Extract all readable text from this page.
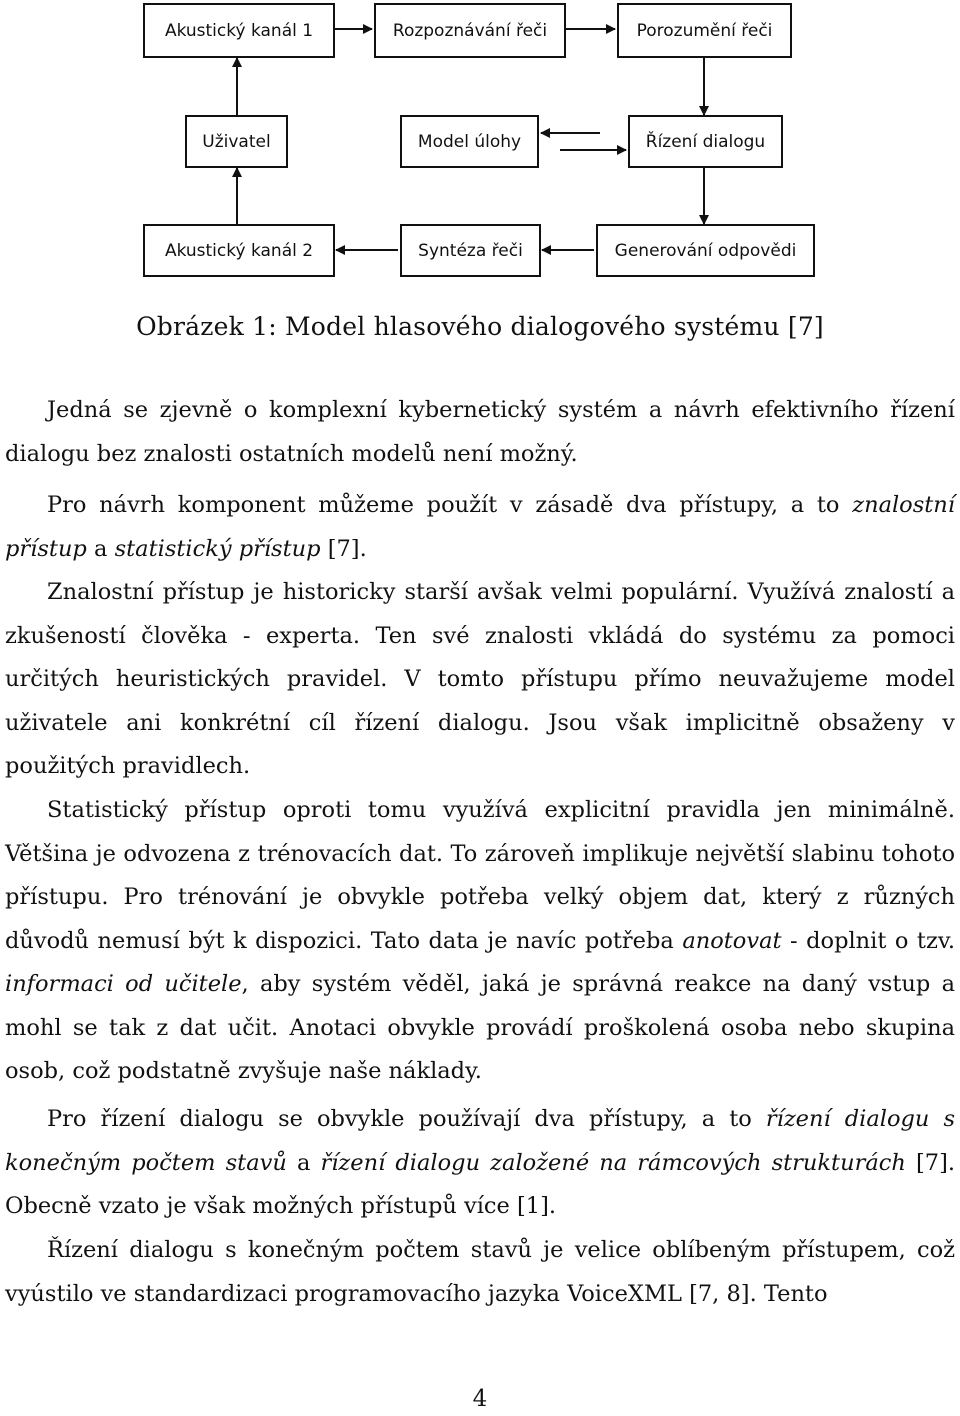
Akustický kanál 1	Rozpoznávání řeči	Porozumění řeči
Uživatel	Model úlohy	Řízení dialogu
Akustický kanál 2	Syntéza řeči	Generování odpovědi
Obrázek 1: Model hlasového dialogového systému [7]

Jedná se zjevně o komplexní kybernetický systém a návrh efektivního řízení dialogu bez znalosti ostatních modelů není možný.

Pro návrh komponent můžeme použít v zásadě dva přístupy, a to znalostní přístup a statistický přístup [7].

Znalostní přístup je historicky starší avšak velmi populární. Využívá znalostí a zkušeností člověka - experta. Ten své znalosti vkládá do systému za pomoci určitých heuristických pravidel. V tomto přístupu přímo neuvažujeme model uživatele ani konkrétní cíl řízení dialogu. Jsou však implicitně obsaženy v použitých pravidlech.

Statistický přístup oproti tomu využívá explicitní pravidla jen minimálně. Většina je odvozena z trénovacích dat. To zároveň implikuje největší slabinu tohoto přístupu. Pro trénování je obvykle potřeba velký objem dat, který z různých důvodů nemusí být k dispozici. Tato data je navíc potřeba anotovat - doplnit o tzv. informaci od učitele, aby systém věděl, jaká je správná reakce na daný vstup a mohl se tak z dat učit. Anotaci obvykle provádí proškolená osoba nebo skupina osob, což podstatně zvyšuje naše náklady.

Pro řízení dialogu se obvykle používají dva přístupy, a to řízení dialogu s konečným počtem stavů a řízení dialogu založené na rámcových strukturách [7]. Obecně vzato je však možných přístupů více [1].

Řízení dialogu s konečným počtem stavů je velice oblíbeným přístupem, což vyústilo ve standardizaci programovacího jazyka VoiceXML [7, 8]. Tento

4
